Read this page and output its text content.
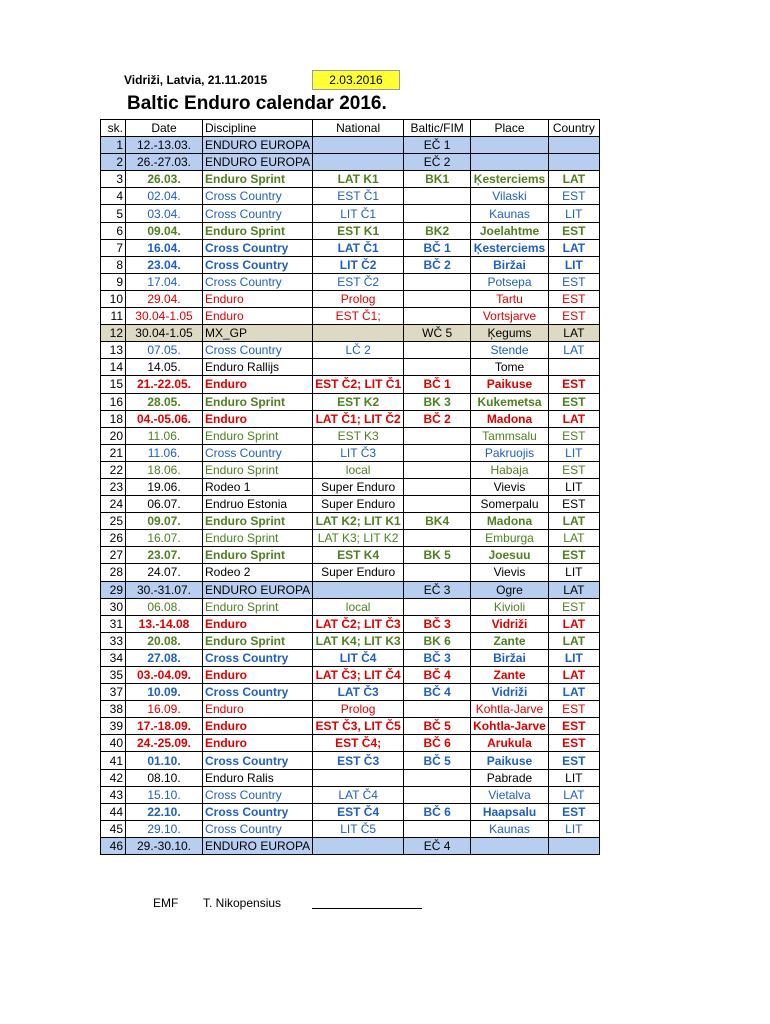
Vidriži, Latvia, 21.11.2015	2.03.2016
Baltic Enduro calendar 2016.
sk.	Date	Discipline	National	Baltic/FIM	Place	Country
1	12.-13.03.	ENDURO EUROPA		EČ 1		
2	26.-27.03.	ENDURO EUROPA		EČ 2		
3	26.03.	Enduro Sprint	LAT K1	BK1	Ķesterciems	LAT
4	02.04.	Cross Country	EST Č1		Vilaski	EST
5	03.04.	Cross Country	LIT Č1		Kaunas	LIT
6	09.04.	Enduro Sprint	EST K1	BK2	Joelahtme	EST
7	16.04.	Cross Country	LAT Č1	BČ 1	Ķesterciems	LAT
8	23.04.	Cross Country	LIT Č2	BČ 2	Biržai	LIT
9	17.04.	Cross Country	EST Č2		Potsepa	EST
10	29.04.	Enduro	Prolog		Tartu	EST
11	30.04-1.05	Enduro	EST Č1;		Vortsjarve	EST
12	30.04-1.05	MX_GP		WČ 5	Ķegums	LAT
13	07.05.	Cross Country	LČ 2		Stende	LAT
14	14.05.	Enduro Rallijs			Tome	
15	21.-22.05.	Enduro	EST Č2; LIT Č1	BČ 1	Paikuse	EST
16	28.05.	Enduro Sprint	EST K2	BK 3	Kukemetsa	EST
18	04.-05.06.	Enduro	LAT Č1; LIT Č2	BČ 2	Madona	LAT
20	11.06.	Enduro Sprint	EST K3		Tammsalu	EST
21	11.06.	Cross Country	LIT Č3		Pakruojis	LIT
22	18.06.	Enduro Sprint	local		Habaja	EST
23	19.06.	Rodeo 1	Super Enduro		Vievis	LIT
24	06.07.	Endruo Estonia	Super Enduro		Somerpalu	EST
25	09.07.	Enduro Sprint	LAT K2; LIT K1	BK4	Madona	LAT
26	16.07.	Enduro Sprint	LAT K3; LIT K2		Emburga	LAT
27	23.07.	Enduro Sprint	EST K4	BK 5	Joesuu	EST
28	24.07.	Rodeo 2	Super Enduro		Vievis	LIT
29	30.-31.07.	ENDURO EUROPA		EČ 3	Ogre	LAT
30	06.08.	Enduro Sprint	local		Kivioli	EST
31	13.-14.08	Enduro	LAT Č2; LIT Č3	BČ 3	Vidriži	LAT
33	20.08.	Enduro Sprint	LAT K4; LIT K3	BK 6	Zante	LAT
34	27.08.	Cross Country	LIT Č4	BČ 3	Biržai	LIT
35	03.-04.09.	Enduro	LAT Č3; LIT Č4	BČ 4	Zante	LAT
37	10.09.	Cross Country	LAT Č3	BČ 4	Vidriži	LAT
38	16.09.	Enduro	Prolog		Kohtla-Jarve	EST
39	17.-18.09.	Enduro	EST Č3, LIT Č5	BČ 5	Kohtla-Jarve	EST
40	24.-25.09.	Enduro	EST Č4;	BČ 6	Arukula	EST
41	01.10.	Cross Country	EST Č3	BČ 5	Paikuse	EST
42	08.10.	Enduro Ralis			Pabrade	LIT
43	15.10.	Cross Country	LAT Č4		Vietalva	LAT
44	22.10.	Cross Country	EST Č4	BČ 6	Haapsalu	EST
45	29.10.	Cross Country	LIT Č5		Kaunas	LIT
46	29.-30.10.	ENDURO EUROPA		EČ 4		
EMF T. Nikopensius
